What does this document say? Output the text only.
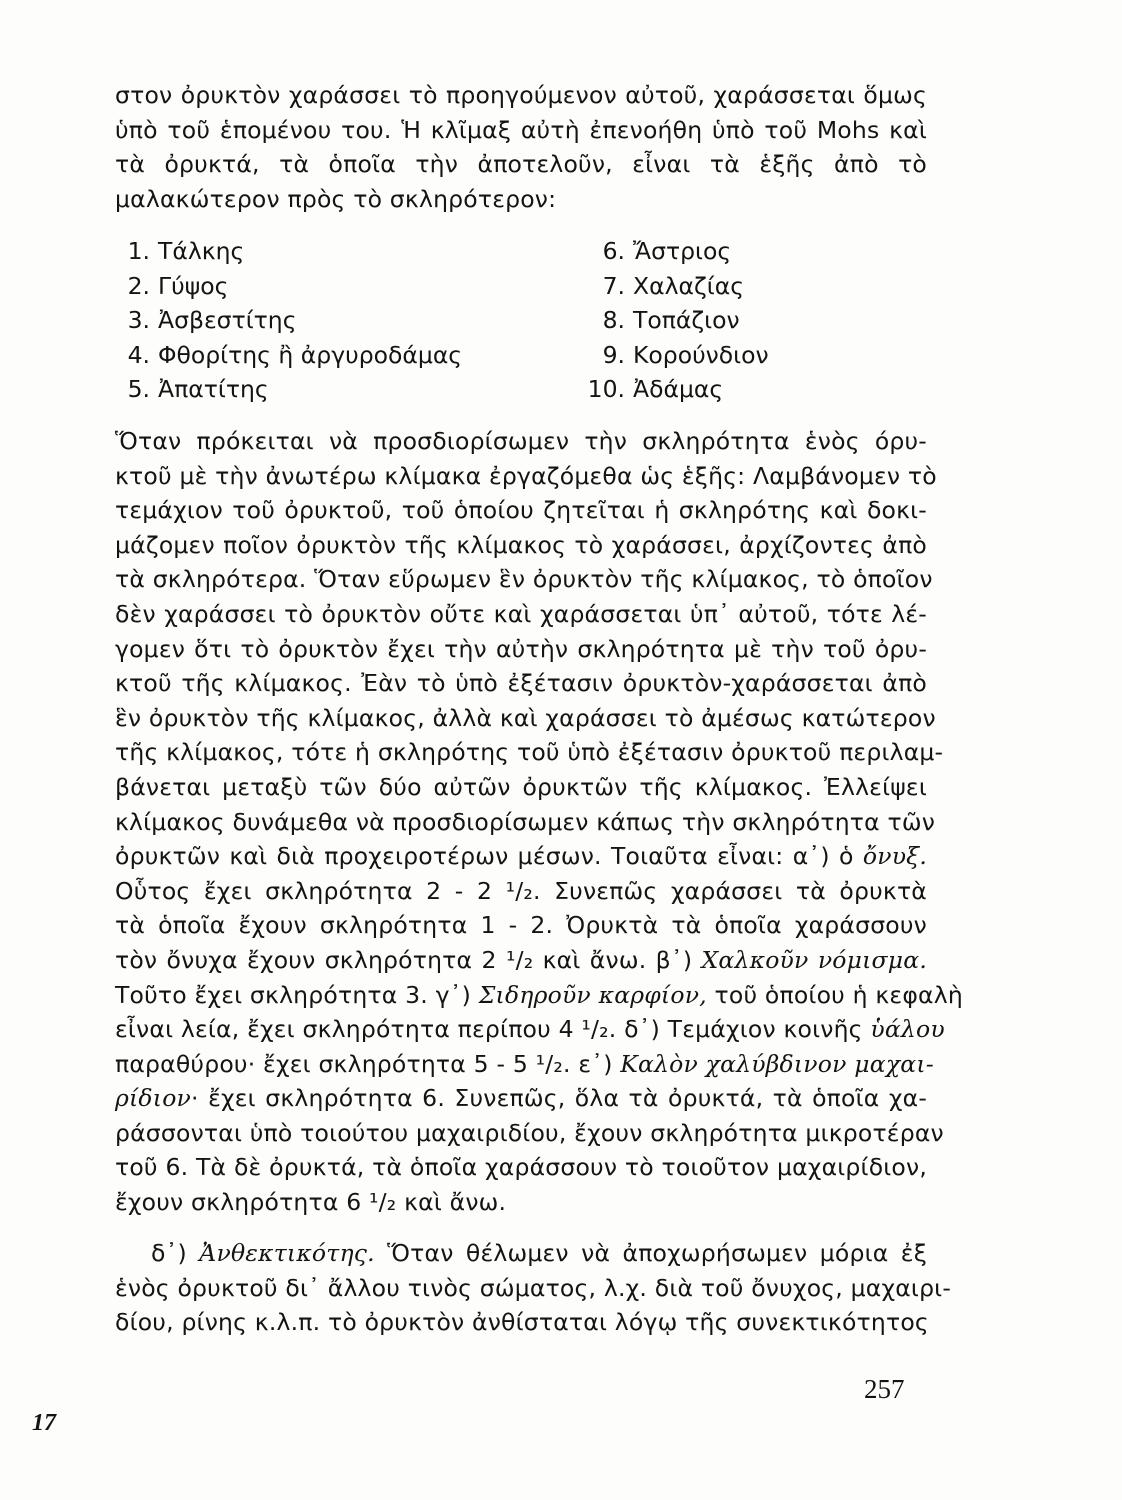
στον ὀρυκτὸν χαράσσει τὸ προηγούμενον αὐτοῦ, χαράσσεται ὅμως ὑπὸ τοῦ ἑπομένου του. Ἡ κλῖμαξ αὐτὴ ἐπενοήθη ὑπὸ τοῦ Mohs καὶ τὰ ὀρυκτά, τὰ ὁποῖα τὴν ἀποτελοῦν, εἶναι τὰ ἑξῆς ἀπὸ τὸ μαλακώτερον πρὸς τὸ σκληρότερον:
1. Τάλκης	6. Ἄστριος
2. Γύψος	7. Χαλαζίας
3. Ἀσβεστίτης	8. Τοπάζιον
4. Φθορίτης ἢ ἀργυροδάμας	9. Κορούνδιον
5. Ἀπατίτης	10. Ἀδάμας
Ὅταν πρόκειται νὰ προσδιορίσωμεν τὴν σκληρότητα ἑνὸς όρυ-
κτοῦ μὲ τὴν ἀνωτέρω κλίμακα ἐργαζόμεθα ὡς ἑξῆς: Λαμβάνομεν τὸ
τεμάχιον τοῦ ὀρυκτοῦ, τοῦ ὁποίου ζητεῖται ἡ σκληρότης καὶ δοκι-
μάζομεν ποῖον ὀρυκτὸν τῆς κλίμακος τὸ χαράσσει, ἀρχίζοντες ἀπὸ
τὰ σκληρότερα. Ὅταν εὕρωμεν ἓν ὀρυκτὸν τῆς κλίμακος, τὸ ὁποῖον
δὲν χαράσσει τὸ ὀρυκτὸν οὔτε καὶ χαράσσεται ὑπ᾽ αὐτοῦ, τότε λέ-
γομεν ὅτι τὸ ὀρυκτὸν ἔχει τὴν αὐτὴν σκληρότητα μὲ τὴν τοῦ ὀρυ-
κτοῦ τῆς κλίμακος. Ἐὰν τὸ ὑπὸ ἐξέτασιν ὀρυκτὸν-χαράσσεται ἀπὸ
ἓν ὀρυκτὸν τῆς κλίμακος, ἀλλὰ καὶ χαράσσει τὸ ἀμέσως κατώτερον
τῆς κλίμακος, τότε ἡ σκληρότης τοῦ ὑπὸ ἐξέτασιν ὀρυκτοῦ περιλαμ-
βάνεται μεταξὺ τῶν δύο αὐτῶν ὀρυκτῶν τῆς κλίμακος. Ἐλλείψει
κλίμακος δυνάμεθα νὰ προσδιορίσωμεν κάπως τὴν σκληρότητα τῶν
ὀρυκτῶν καὶ διὰ προχειροτέρων μέσων. Τοιαῦτα εἶναι: α᾽) ὁ ὄνυξ.
Οὗτος ἔχει σκληρότητα 2 - 2 ¹/₂. Συνεπῶς χαράσσει τὰ ὀρυκτὰ
τὰ ὁποῖα ἔχουν σκληρότητα 1 - 2. Ὀρυκτὰ τὰ ὁποῖα χαράσσουν
τὸν ὄνυχα ἔχουν σκληρότητα 2 ¹/₂ καὶ ἄνω. β᾽) Χαλκοῦν νόμισμα.
Τοῦτο ἔχει σκληρότητα 3. γ᾽) Σιδηροῦν καρφίον, τοῦ ὁποίου ἡ κεφαλὴ
εἶναι λεία, ἔχει σκληρότητα περίπου 4 ¹/₂. δ᾽) Τεμάχιον κοινῆς ὑάλου
παραθύρου· ἔχει σκληρότητα 5 - 5 ¹/₂. ε᾽) Καλὸν χαλύβδινον μαχαι-
ρίδιον· ἔχει σκληρότητα 6. Συνεπῶς, ὅλα τὰ ὀρυκτά, τὰ ὁποῖα χα-
ράσσονται ὑπὸ τοιούτου μαχαιριδίου, ἔχουν σκληρότητα μικροτέραν
τοῦ 6. Τὰ δὲ ὀρυκτά, τὰ ὁποῖα χαράσσουν τὸ τοιοῦτον μαχαιρίδιον,
ἔχουν σκληρότητα 6 ¹/₂ καὶ ἄνω.
δ᾽) Ἀνθεκτικότης. Ὅταν θέλωμεν νὰ ἀποχωρήσωμεν μόρια ἐξ
ἑνὸς ὀρυκτοῦ δι᾽ ἄλλου τινὸς σώματος, λ.χ. διὰ τοῦ ὄνυχος, μαχαιρι-
δίου, ρίνης κ.λ.π. τὸ ὀρυκτὸν ἀνθίσταται λόγῳ τῆς συνεκτικότητος
257
17
